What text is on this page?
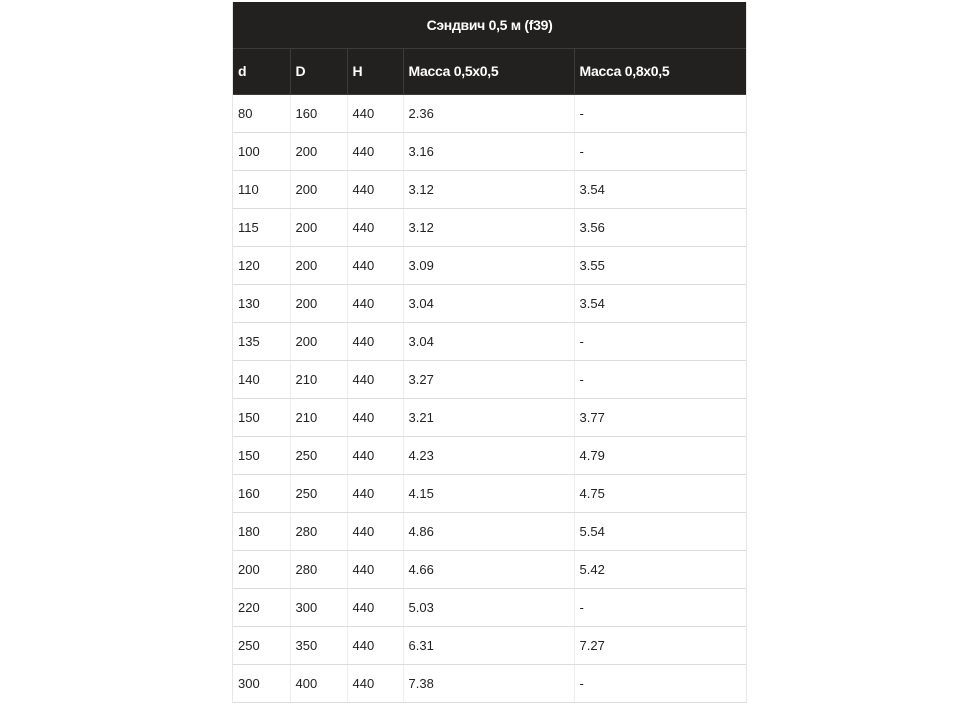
Сэндвич 0,5 м (f39)				
d	D	H	Масса 0,5х0,5	Масса 0,8х0,5
80	160	440	2.36	-
100	200	440	3.16	-
110	200	440	3.12	3.54
115	200	440	3.12	3.56
120	200	440	3.09	3.55
130	200	440	3.04	3.54
135	200	440	3.04	-
140	210	440	3.27	-
150	210	440	3.21	3.77
150	250	440	4.23	4.79
160	250	440	4.15	4.75
180	280	440	4.86	5.54
200	280	440	4.66	5.42
220	300	440	5.03	-
250	350	440	6.31	7.27
300	400	440	7.38	-
